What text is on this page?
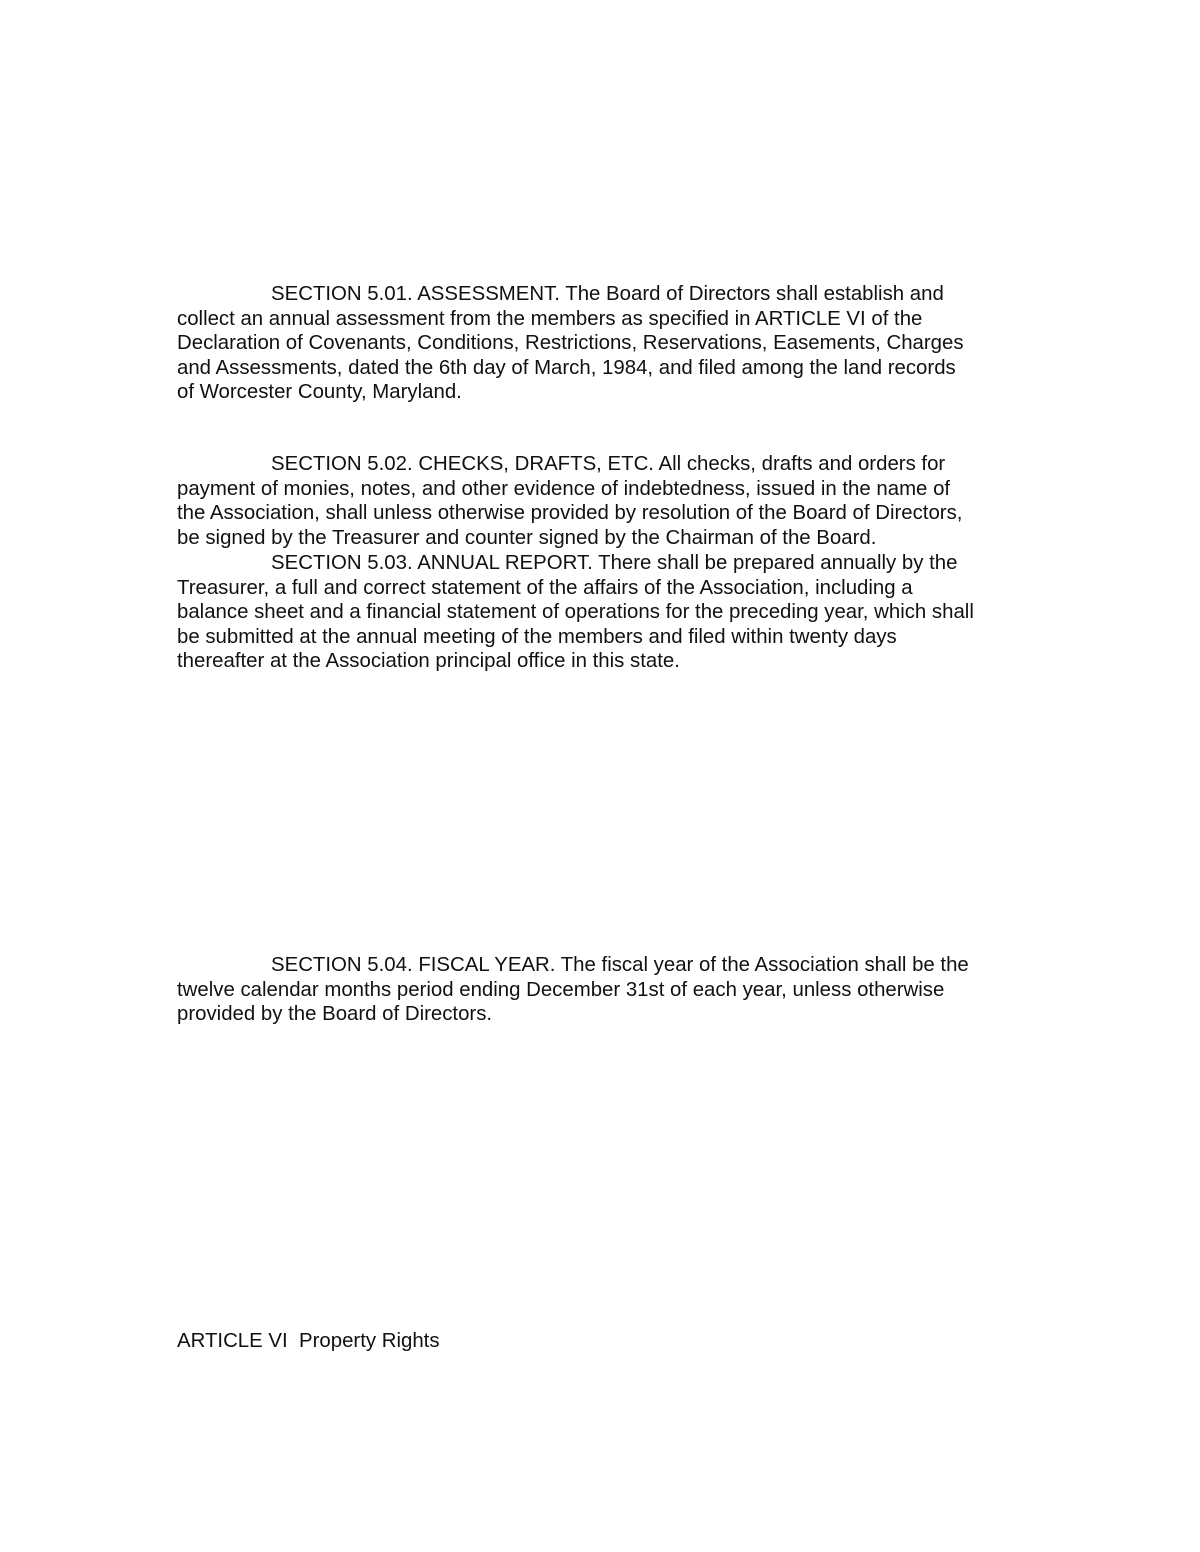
SECTION 5.01. ASSESSMENT. The Board of Directors shall establish and
collect an annual assessment from the members as specified in ARTICLE VI of the
Declaration of Covenants, Conditions, Restrictions, Reservations, Easements, Charges
and Assessments, dated the 6th day of March, 1984, and filed among the land records
of Worcester County, Maryland.

SECTION 5.02. CHECKS, DRAFTS, ETC. All checks, drafts and orders for
payment of monies, notes, and other evidence of indebtedness, issued in the name of
the Association, shall unless otherwise provided by resolution of the Board of Directors,
be signed by the Treasurer and counter signed by the Chairman of the Board.

SECTION 5.03. ANNUAL REPORT. There shall be prepared annually by the
Treasurer, a full and correct statement of the affairs of the Association, including a
balance sheet and a financial statement of operations for the preceding year, which shall
be submitted at the annual meeting of the members and filed within twenty days
thereafter at the Association principal office in this state.

SECTION 5.04. FISCAL YEAR. The fiscal year of the Association shall be the
twelve calendar months period ending December 31st of each year, unless otherwise
provided by the Board of Directors.

ARTICLE VI  Property Rights
